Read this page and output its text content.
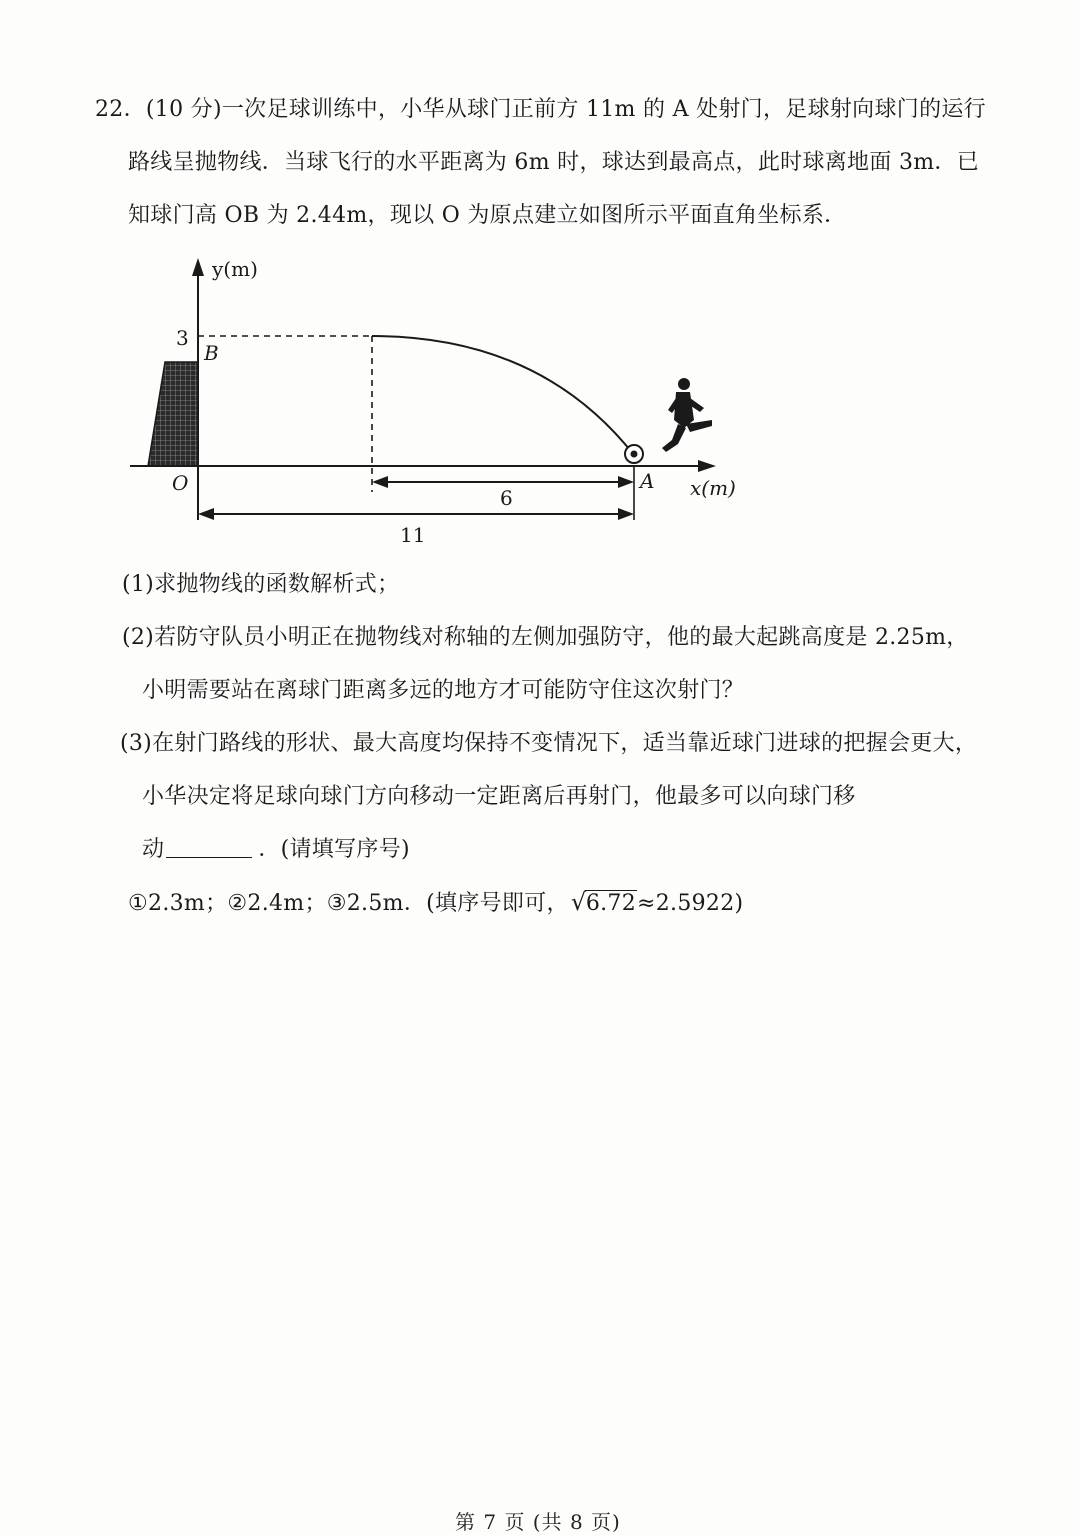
22．(10 分)一次足球训练中，小华从球门正前方 11m 的 A 处射门，足球射向球门的运行
路线呈抛物线．当球飞行的水平距离为 6m 时，球达到最高点，此时球离地面 3m．已
知球门高 OB 为 2.44m，现以 O 为原点建立如图所示平面直角坐标系．
y(m)
x(m)
3
B
O	A
6
11
(1)求抛物线的函数解析式；
(2)若防守队员小明正在抛物线对称轴的左侧加强防守，他的最大起跳高度是 2.25m，
小明需要站在离球门距离多远的地方才可能防守住这次射门？
(3)在射门路线的形状、最大高度均保持不变情况下，适当靠近球门进球的把握会更大，
小华决定将足球向球门方向移动一定距离后再射门，他最多可以向球门移
动	．(请填写序号)
①2.3m；②2.4m；③2.5m．(填序号即可， √ 6.72≈2.5922)
第 7 页 (共 8 页)
